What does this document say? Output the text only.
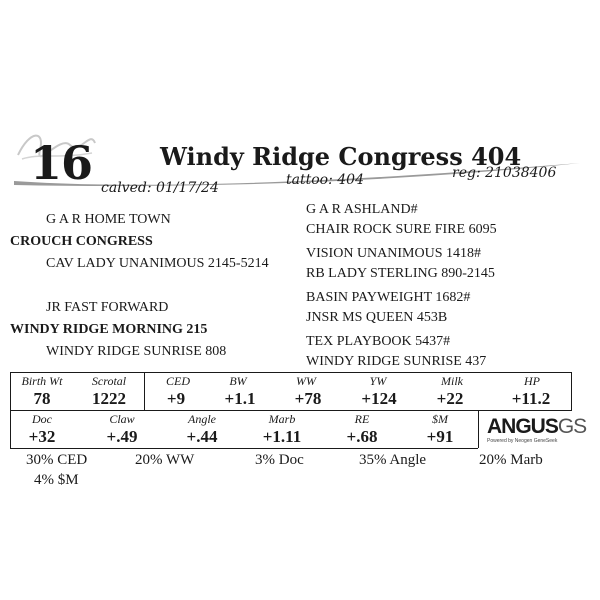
16	Windy Ridge Congress 404
calved: 01/17/24	tattoo: 404	reg: 21038406
G A R HOME TOWN
CROUCH CONGRESS
CAV LADY UNANIMOUS 2145-5214
JR FAST FORWARD
WINDY RIDGE MORNING 215
WINDY RIDGE SUNRISE 808
G A R ASHLAND#
CHAIR ROCK SURE FIRE 6095
VISION UNANIMOUS 1418#
RB LADY STERLING 890-2145
BASIN PAYWEIGHT 1682#
JNSR MS QUEEN 453B
TEX PLAYBOOK 5437#
WINDY RIDGE SUNRISE 437
Birth Wt	Scrotal	CED	BW	WW	YW	Milk	HP
78	1222	+9	+1.1	+78	+124	+22	+11.2
Doc	Claw	Angle	Marb	RE	$M
+32	+.49	+.44	+1.11	+.68	+91	ANGUSGS
Powered by Neogen GeneSeek
30% CED	20% WW	3% Doc	35% Angle	20% Marb
4% $M
